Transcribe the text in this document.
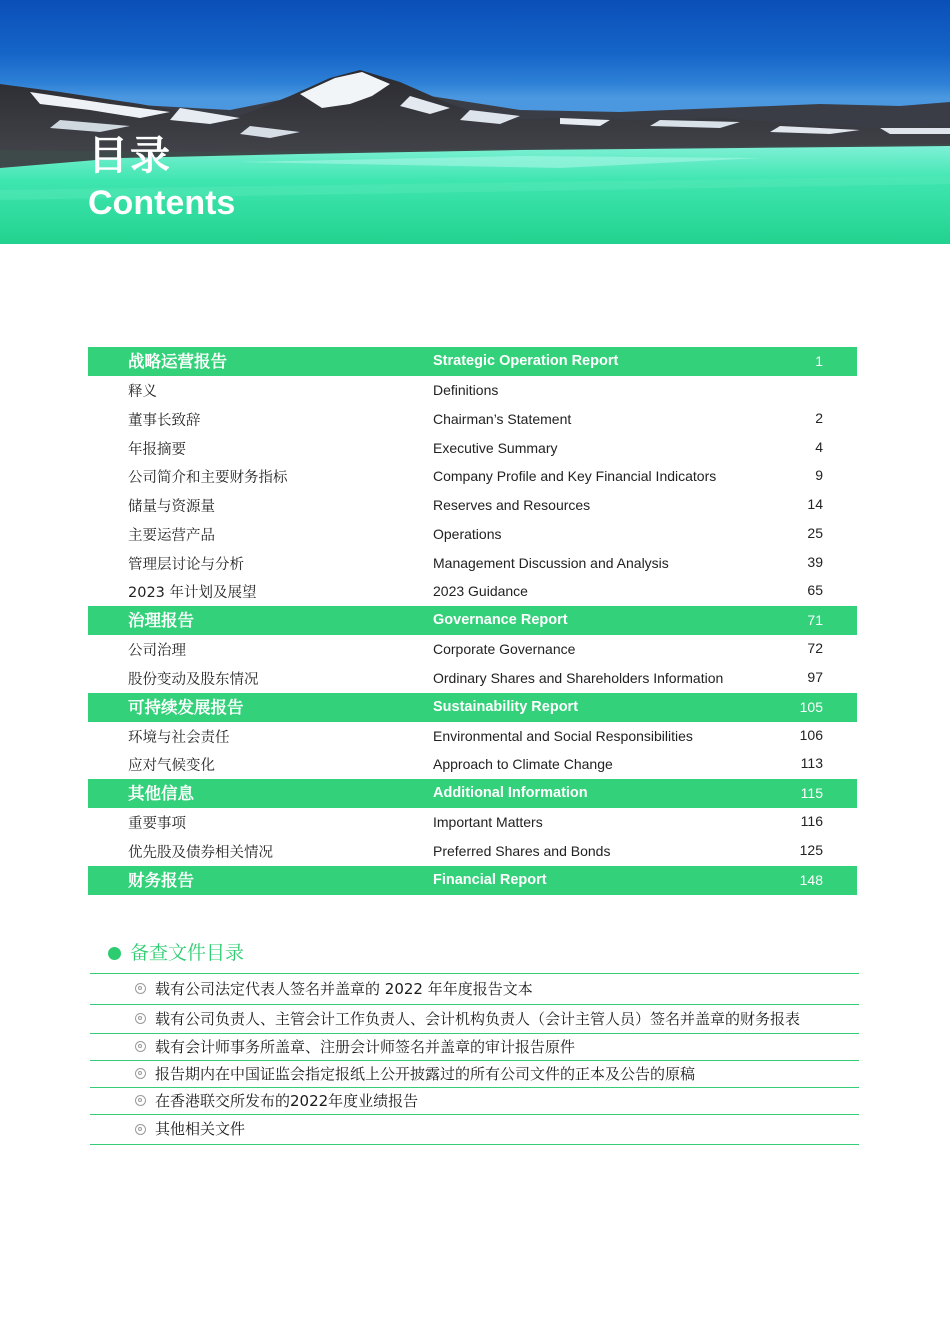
目录
Contents
战略运营报告	Strategic Operation Report	1
释义	Definitions
董事长致辞	Chairman’s Statement	2
年报摘要	Executive Summary	4
公司简介和主要财务指标	Company Profile and Key Financial Indicators	9
储量与资源量	Reserves and Resources	14
主要运营产品	Operations	25
管理层讨论与分析	Management Discussion and Analysis	39
2023 年计划及展望	2023 Guidance	65
治理报告	Governance Report	71
公司治理	Corporate Governance	72
股份变动及股东情况	Ordinary Shares and Shareholders Information	97
可持续发展报告	Sustainability Report	105
环境与社会责任	Environmental and Social Responsibilities	106
应对气候变化	Approach to Climate Change	113
其他信息	Additional Information	115
重要事项	Important Matters	116
优先股及债券相关情况	Preferred Shares and Bonds	125
财务报告	Financial Report	148
备查文件目录
载有公司法定代表人签名并盖章的 2022 年年度报告文本
载有公司负责人、主管会计工作负责人、会计机构负责人（会计主管人员）签名并盖章的财务报表
载有会计师事务所盖章、注册会计师签名并盖章的审计报告原件
报告期内在中国证监会指定报纸上公开披露过的所有公司文件的正本及公告的原稿
在香港联交所发布的2022年度业绩报告
其他相关文件
